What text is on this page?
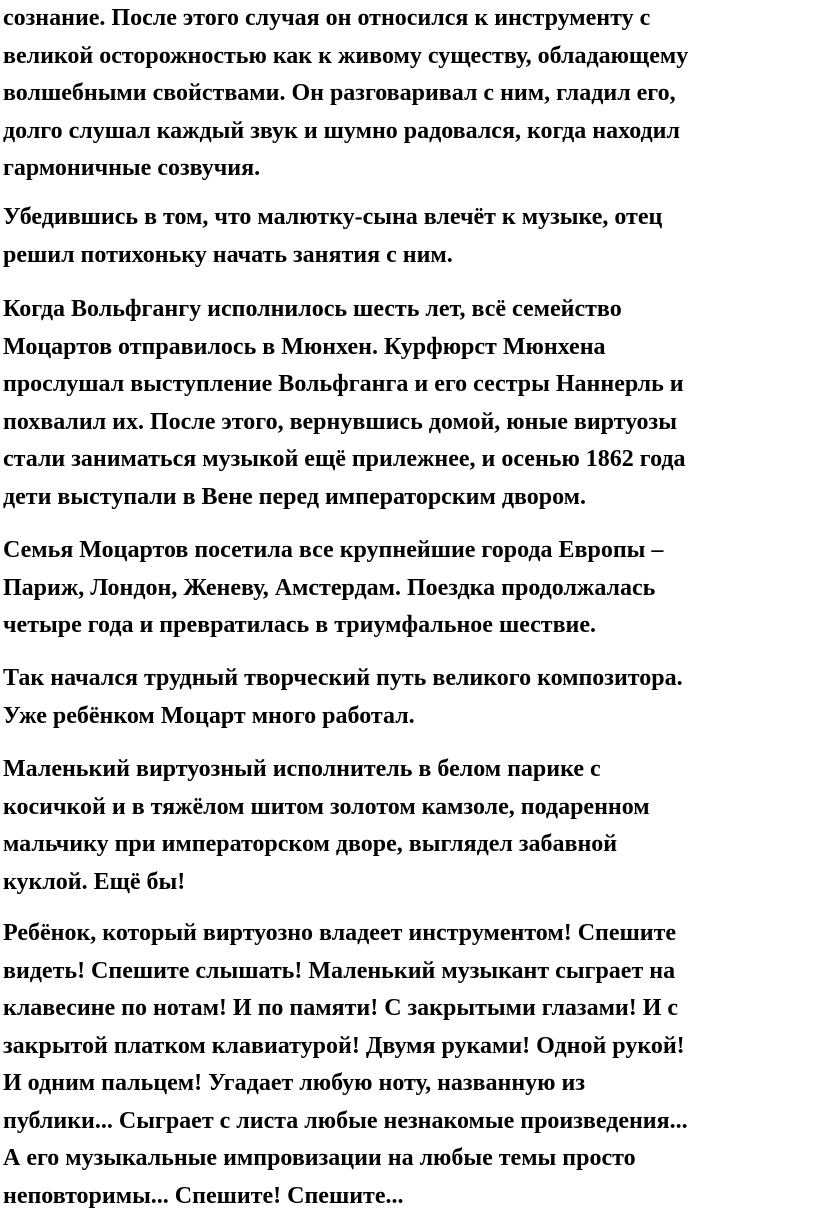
сознание. После этого случая он относился к инструменту с
великой осторожностью как к живому существу, обладающему
волшебными свойствами. Он разговаривал с ним, гладил его,
долго слушал каждый звук и шумно радовался, когда находил
гармоничные созвучия.

Убедившись в том, что малютку-сына влечёт к музыке, отец
решил потихоньку начать занятия с ним.

Когда Вольфгангу исполнилось шесть лет, всё семейство
Моцартов отправилось в Мюнхен. Курфюрст Мюнхена
прослушал выступление Вольфганга и его сестры Наннерль и
похвалил их. После этого, вернувшись домой, юные виртуозы
стали заниматься музыкой ещё прилежнее, и осенью 1862 года
дети выступали в Вене перед императорским двором.

Семья Моцартов посетила все крупнейшие города Европы –
Париж, Лондон, Женеву, Амстердам. Поездка продолжалась
четыре года и превратилась в триумфальное шествие.

Так начался трудный творческий путь великого композитора.
Уже ребёнком Моцарт много работал.

Маленький виртуозный исполнитель в белом парике с
косичкой и в тяжёлом шитом золотом камзоле, подаренном
мальчику при императорском дворе, выглядел забавной
куклой. Ещё бы!

Ребёнок, который виртуозно владеет инструментом! Спешите
видеть! Спешите слышать! Маленький музыкант сыграет на
клавесине по нотам! И по памяти! С закрытыми глазами! И с
закрытой платком клавиатурой! Двумя руками! Одной рукой!
И одним пальцем! Угадает любую ноту, названную из
публики... Сыграет с листа любые незнакомые произведения...
А его музыкальные импровизации на любые темы просто
неповторимы... Спешите! Спешите...
